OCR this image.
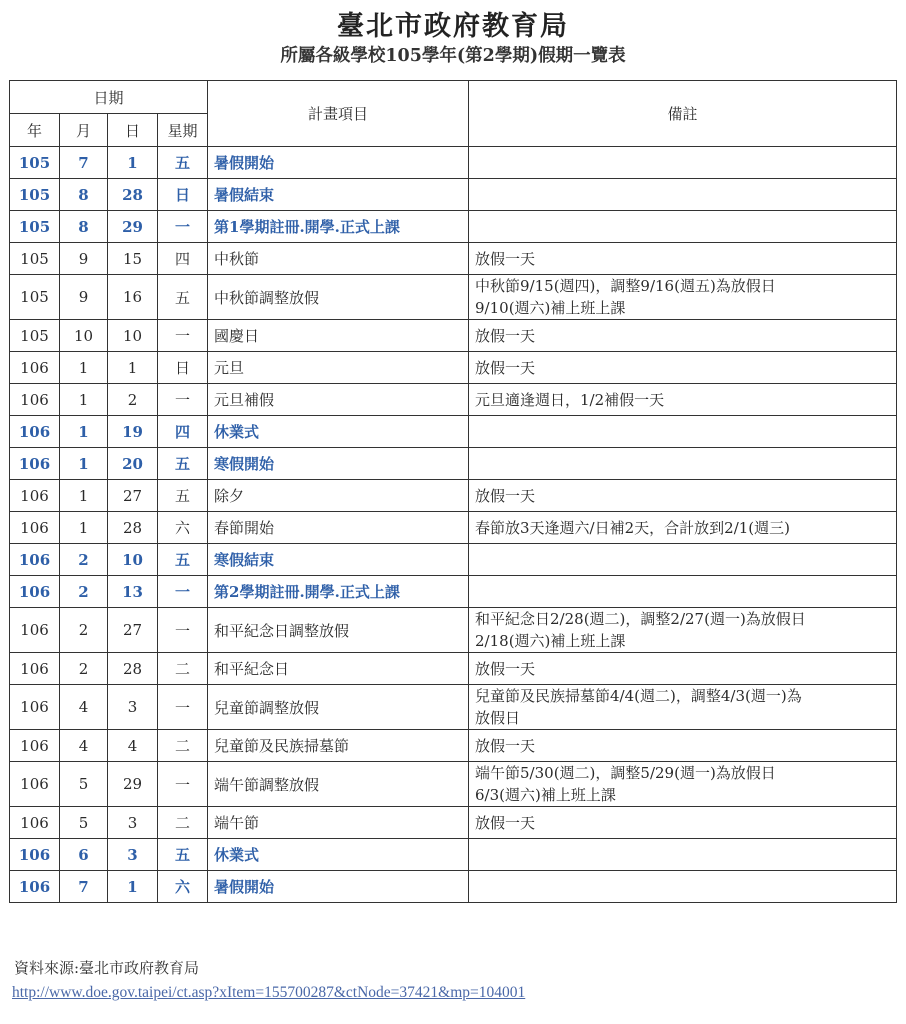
臺北市政府教育局
所屬各級學校105學年(第2學期)假期一覽表
日期				計畫項目	備註
年	月	日	星期		
105	7	1	五	暑假開始	

105	8	28	日	暑假結束	

105	8	29	一	第1學期註冊.開學.正式上課	

105	9	15	四	中秋節	放假一天

105	9	16	五	中秋節調整放假	中秋節9/15(週四)，調整9/16(週五)為放假日
9/10(週六)補上班上課

105	10	10	一	國慶日	放假一天

106	1	1	日	元旦	放假一天

106	1	2	一	元旦補假	元旦適逢週日，1/2補假一天

106	1	19	四	休業式	

106	1	20	五	寒假開始	

106	1	27	五	除夕	放假一天

106	1	28	六	春節開始	春節放3天逢週六/日補2天，合計放到2/1(週三)

106	2	10	五	寒假結束	

106	2	13	一	第2學期註冊.開學.正式上課	

106	2	27	一	和平紀念日調整放假	和平紀念日2/28(週二)，調整2/27(週一)為放假日
2/18(週六)補上班上課

106	2	28	二	和平紀念日	放假一天

106	4	3	一	兒童節調整放假	兒童節及民族掃墓節4/4(週二)，調整4/3(週一)為
放假日

106	4	4	二	兒童節及民族掃墓節	放假一天

106	5	29	一	端午節調整放假	端午節5/30(週二)，調整5/29(週一)為放假日
6/3(週六)補上班上課

106	5	3	二	端午節	放假一天

106	6	3	五	休業式	

106	7	1	六	暑假開始	
資料來源:臺北市政府教育局
http://www.doe.gov.taipei/ct.asp?xItem=155700287&ctNode=37421&mp=104001
